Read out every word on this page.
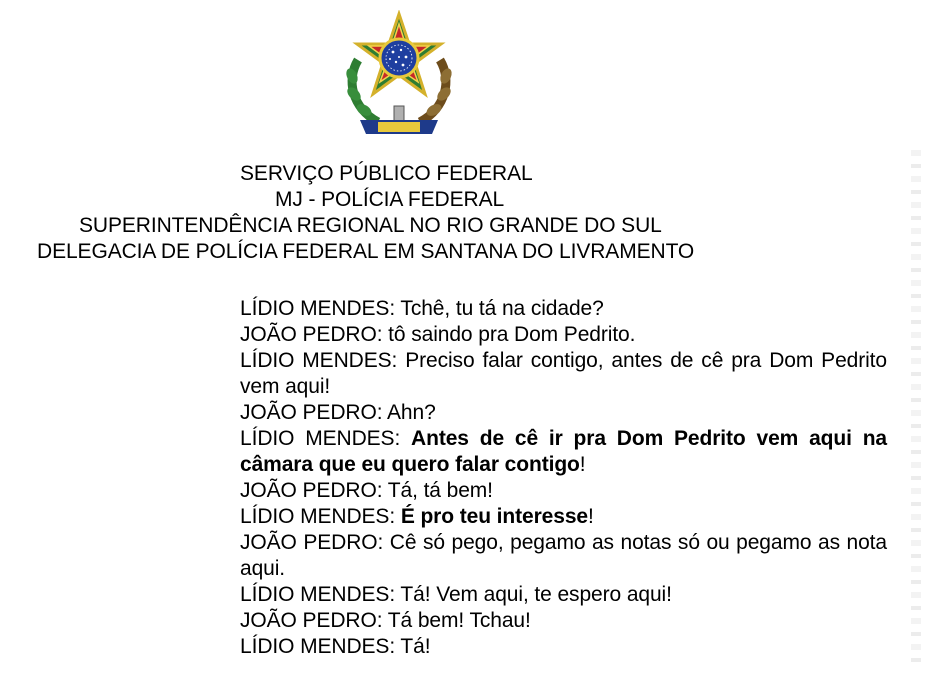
SERVIÇO PÚBLICO FEDERAL
MJ - POLÍCIA FEDERAL
SUPERINTENDÊNCIA REGIONAL NO RIO GRANDE DO SUL
DELEGACIA DE POLÍCIA FEDERAL EM SANTANA DO LIVRAMENTO

LÍDIO MENDES: Tchê, tu tá na cidade?

JOÃO PEDRO: tô saindo pra Dom Pedrito.

LÍDIO MENDES: Preciso falar contigo, antes de cê pra Dom Pedrito vem aqui!

JOÃO PEDRO: Ahn?

LÍDIO MENDES: Antes de cê ir pra Dom Pedrito vem aqui na câmara que eu quero falar contigo!

JOÃO PEDRO: Tá, tá bem!

LÍDIO MENDES: É pro teu interesse!

JOÃO PEDRO: Cê só pego, pegamo as notas só ou pegamo as nota aqui.

LÍDIO MENDES: Tá! Vem aqui, te espero aqui!

JOÃO PEDRO: Tá bem! Tchau!

LÍDIO MENDES: Tá!
